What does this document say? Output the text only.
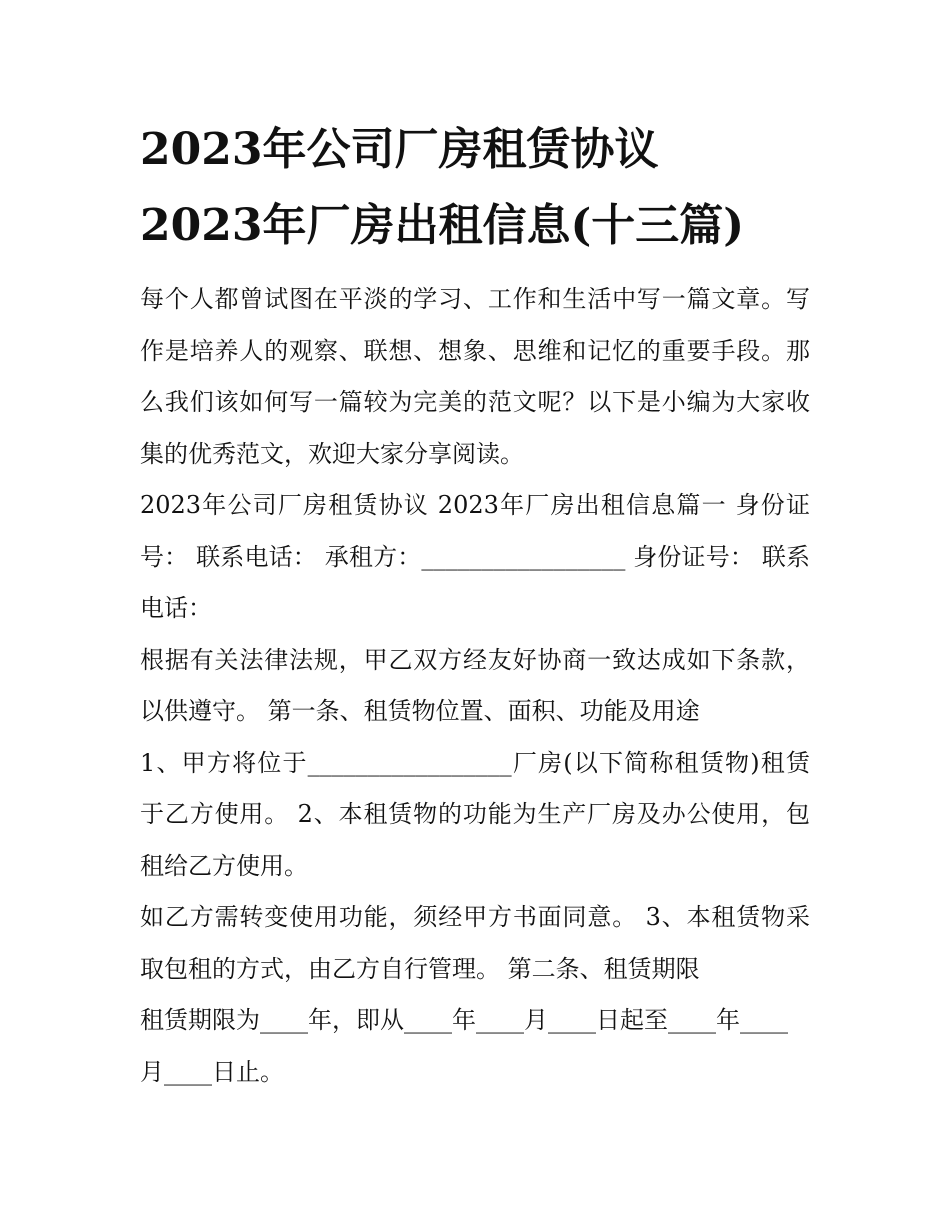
2023年公司厂房租赁协议
2023年厂房出租信息(十三篇)

每个人都曾试图在平淡的学习、工作和生活中写一篇文章。写
作是培养人的观察、联想、想象、思维和记忆的重要手段。那
么我们该如何写一篇较为完美的范文呢？以下是小编为大家收
集的优秀范文，欢迎大家分享阅读。

2023年公司厂房租赁协议 2023年厂房出租信息篇一 身份证
号： 联系电话： 承租方：_________________ 身份证号： 联系
电话：

根据有关法律法规，甲乙双方经友好协商一致达成如下条款，
以供遵守。 第一条、租赁物位置、面积、功能及用途

1、甲方将位于_________________厂房(以下简称租赁物)租赁
于乙方使用。 2、本租赁物的功能为生产厂房及办公使用，包
租给乙方使用。

如乙方需转变使用功能，须经甲方书面同意。 3、本租赁物采
取包租的方式，由乙方自行管理。 第二条、租赁期限

租赁期限为____年，即从____年____月____日起至____年____
月____日止。
